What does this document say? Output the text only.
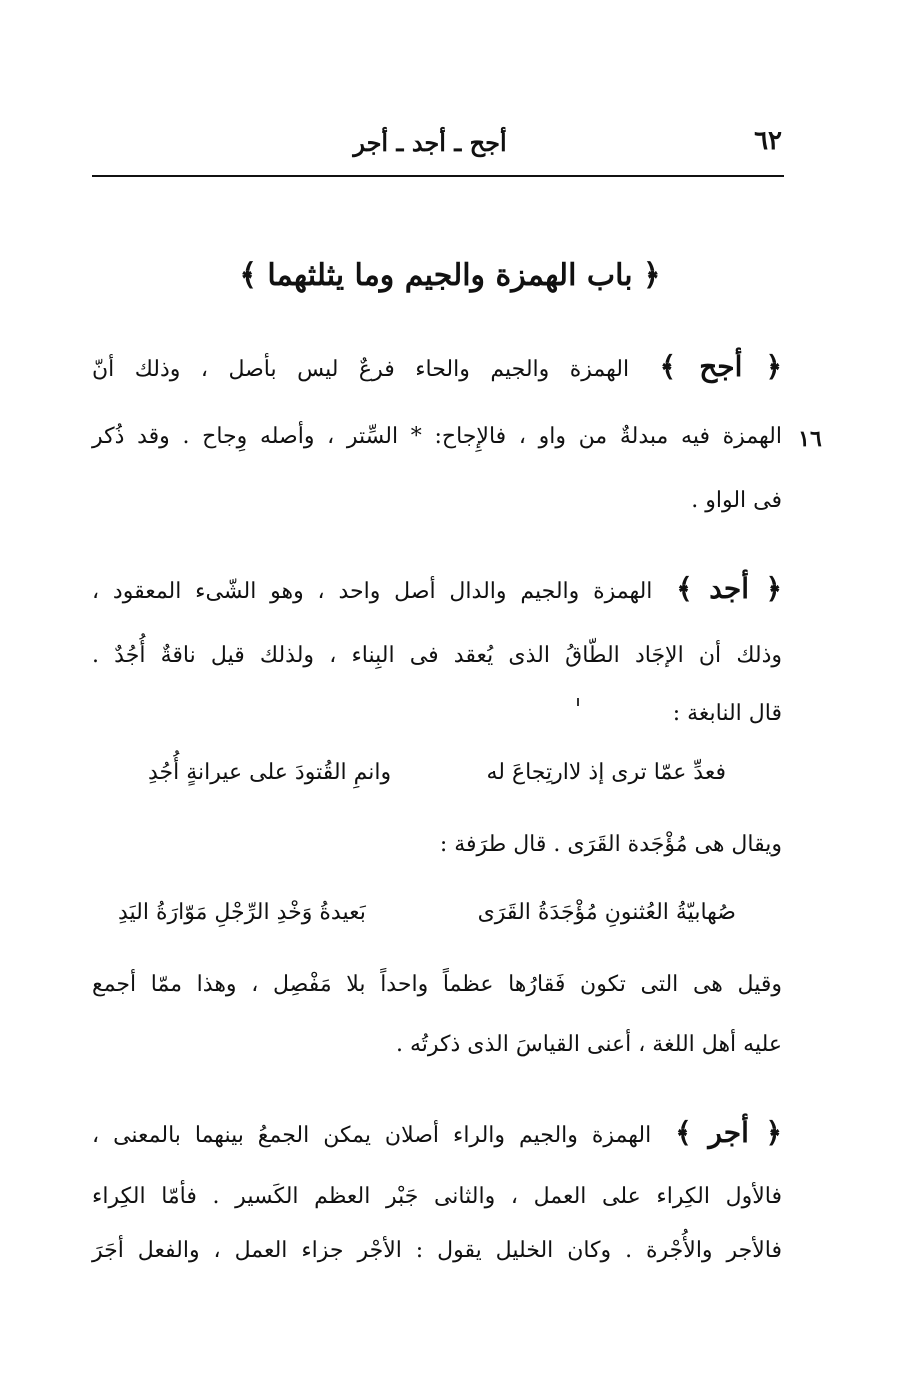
٦٢
أجح ـ أجد ـ أجر
﴿ باب الهمزة والجيم وما يثلثهما ﴾
﴿ أجح ﴾ الهمزة والجيم والحاء فرعٌ ليس بأصل ، وذلك أنّ
١٦
الهمزة فيه مبدلةٌ من واو ، فالإِجاح: * السِّتر ، وأصله وِجاح . وقد ذُكر
فى الواو .
﴿ أجد ﴾ الهمزة والجيم والدال أصل واحد ، وهو الشّىء المعقود ،
وذلك أن الإجَاد الطّاقُ الذى يُعقد فى البِناء ، ولذلك قيل ناقةٌ أُجُدٌ .
قال النابغة :
فعدِّ عمّا ترى إذ لاارتِجاعَ له
وانمِ القُتودَ على عيرانةٍ أُجُدِ
ويقال هى مُؤْجَدة القَرَى . قال طرَفة :
صُهابيّةُ العُثنونِ مُؤْجَدَةُ القَرَى
بَعيدةُ وَخْدِ الرِّجْلِ مَوّارَةُ اليَدِ
وقيل هى التى تكون فَقارُها عظماً واحداً بلا مَفْصِل ، وهذا ممّا أجمع
عليه أهل اللغة ، أعنى القياسَ الذى ذكرتُه .
﴿ أجر ﴾ الهمزة والجيم والراء أصلان يمكن الجمعُ بينهما بالمعنى ،
فالأول الكِراء على العمل ، والثانى جَبْر العظم الكَسير . فأمّا الكِراء
فالأجر والأُجْرة . وكان الخليل يقول : الأجْر جزاء العمل ، والفعل أجَرَ
